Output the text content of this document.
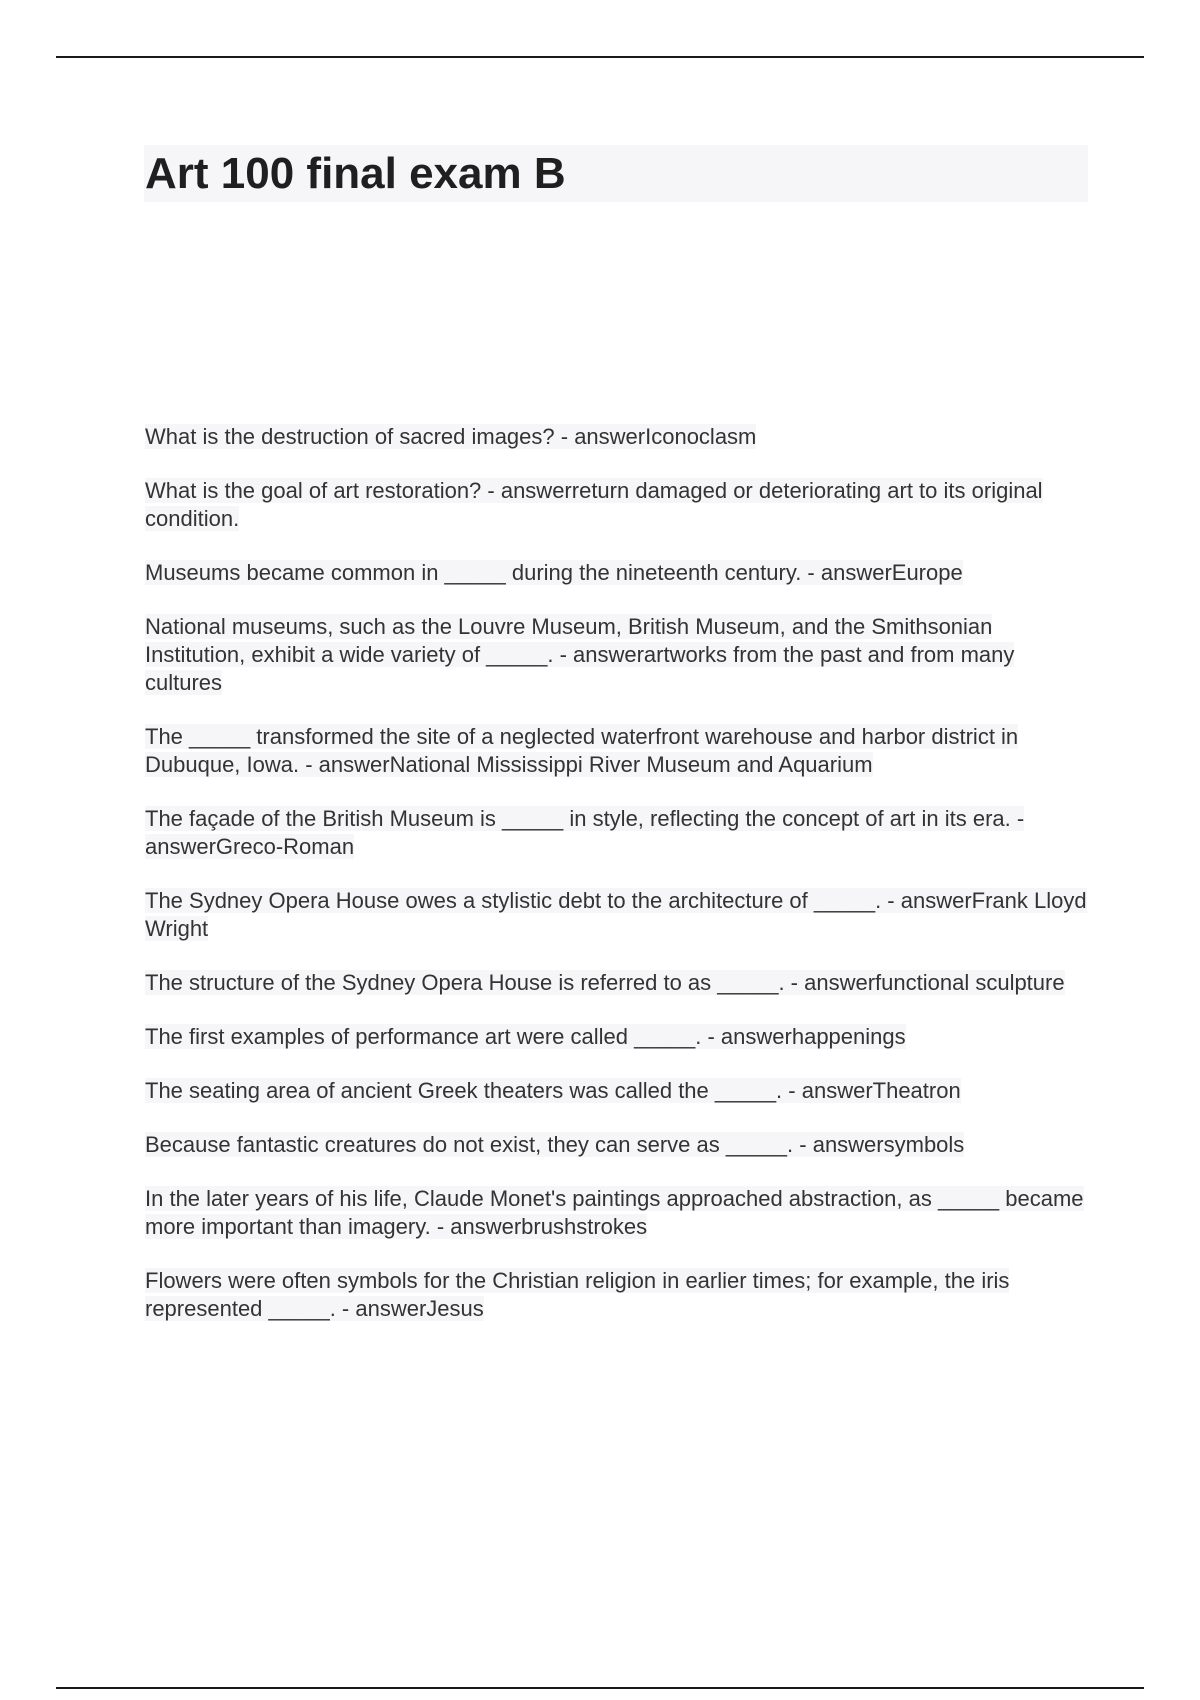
Art 100 final exam B
What is the destruction of sacred images? - answerIconoclasm
What is the goal of art restoration? - answerreturn damaged or deteriorating art to its original condition.
Museums became common in _____ during the nineteenth century. - answerEurope
National museums, such as the Louvre Museum, British Museum, and the Smithsonian Institution, exhibit a wide variety of _____. - answerartworks from the past and from many cultures
The _____ transformed the site of a neglected waterfront warehouse and harbor district in Dubuque, Iowa. - answerNational Mississippi River Museum and Aquarium
The façade of the British Museum is _____ in style, reflecting the concept of art in its era. - answerGreco-Roman
The Sydney Opera House owes a stylistic debt to the architecture of _____. - answerFrank Lloyd Wright
The structure of the Sydney Opera House is referred to as _____. - answerfunctional sculpture
The first examples of performance art were called _____. - answerhappenings
The seating area of ancient Greek theaters was called the _____. - answerTheatron
Because fantastic creatures do not exist, they can serve as _____. - answersymbols
In the later years of his life, Claude Monet's paintings approached abstraction, as _____ became more important than imagery. - answerbrushstrokes
Flowers were often symbols for the Christian religion in earlier times; for example, the iris represented _____. - answerJesus
